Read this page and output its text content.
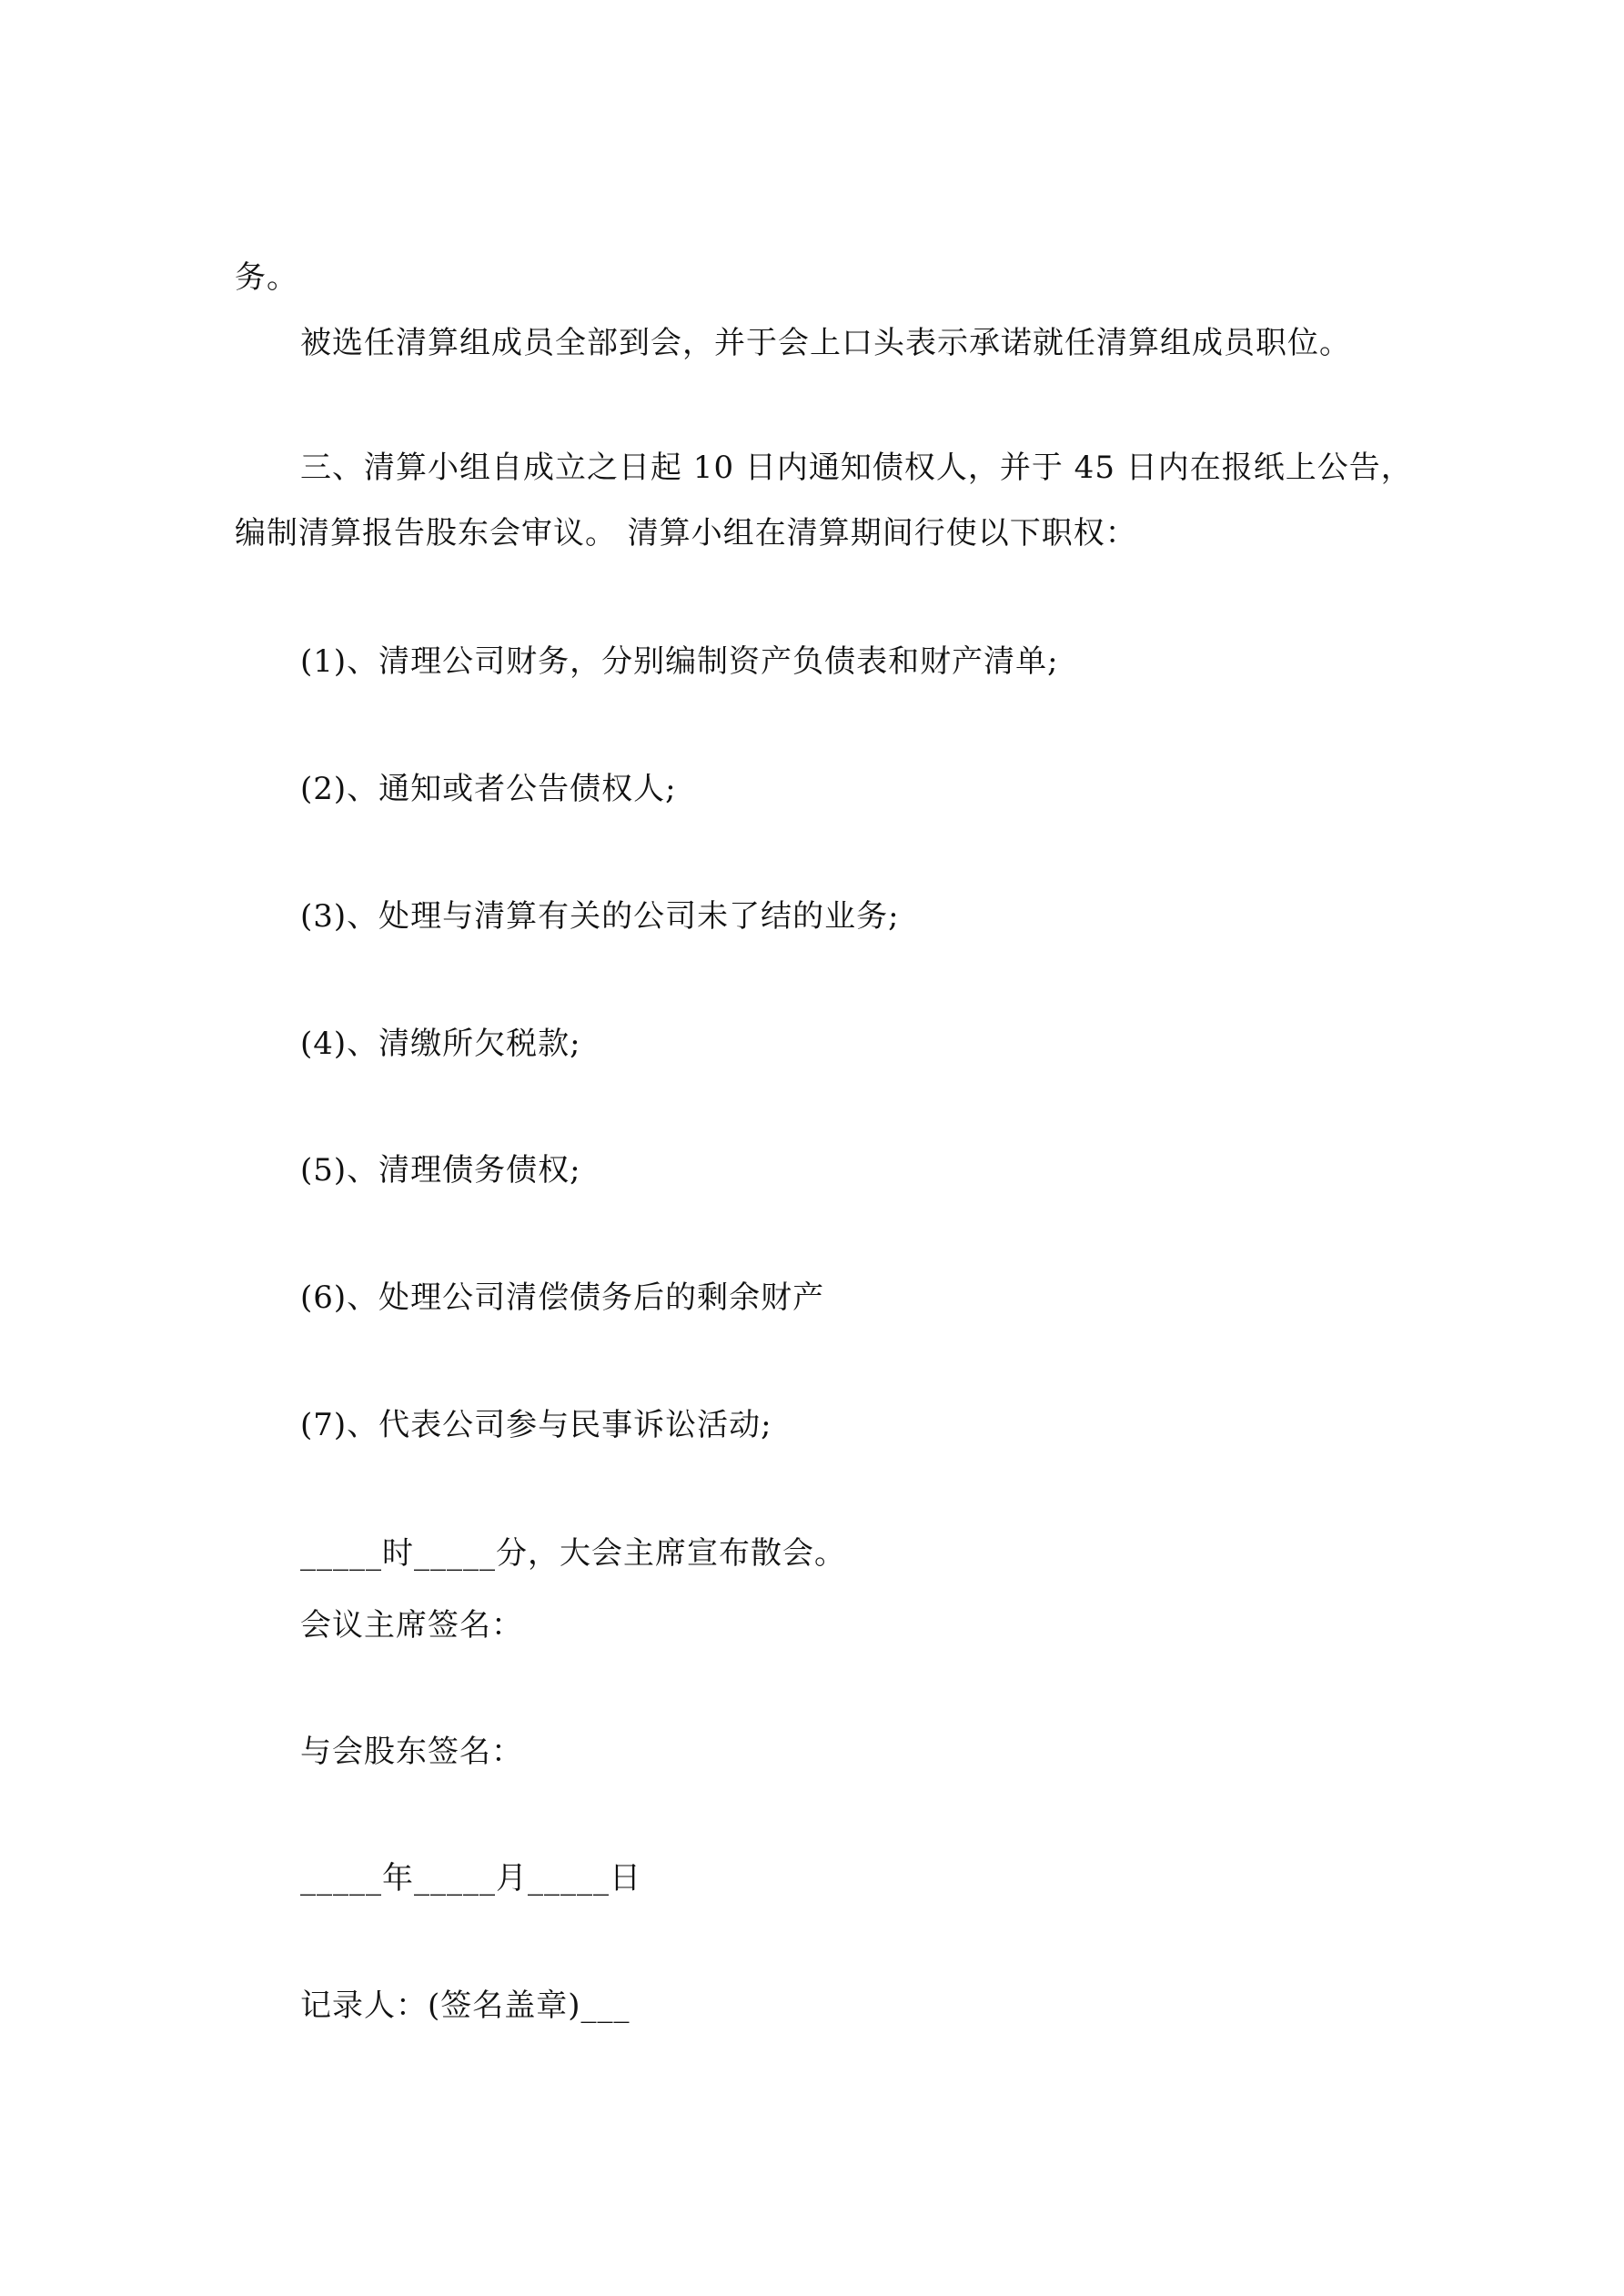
务。
被选任清算组成员全部到会，并于会上口头表示承诺就任清算组成员职位。
三、清算小组自成立之日起 10 日内通知债权人，并于 45 日内在报纸上公告，
编制清算报告股东会审议。 清算小组在清算期间行使以下职权：
(1)、清理公司财务，分别编制资产负债表和财产清单;
(2)、通知或者公告债权人;
(3)、处理与清算有关的公司未了结的业务;
(4)、清缴所欠税款;
(5)、清理债务债权;
(6)、处理公司清偿债务后的剩余财产
(7)、代表公司参与民事诉讼活动;
_____时_____分，大会主席宣布散会。
会议主席签名：
与会股东签名：
_____年_____月_____日
记录人：(签名盖章)___
